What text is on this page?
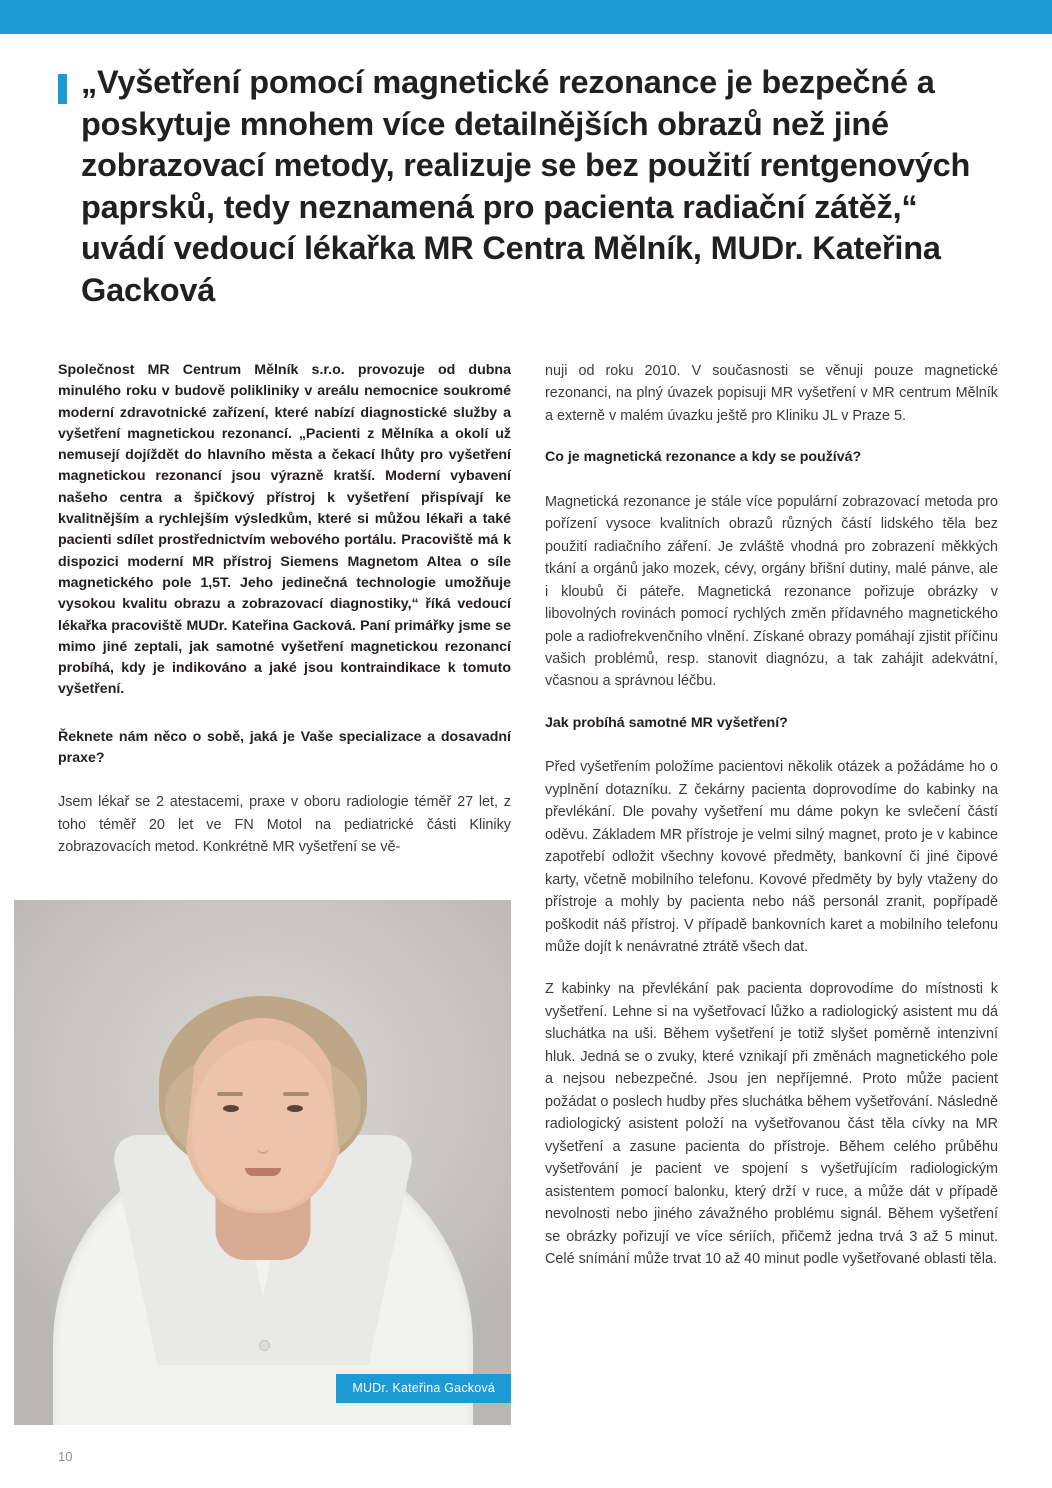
„Vyšetření pomocí magnetické rezonance je bezpečné a poskytuje mnohem více detailnějších obrazů než jiné zobrazovací metody, realizuje se bez použití rentgenových paprsků, tedy neznamená pro pacienta radiační zátěž,“ uvádí vedoucí lékařka MR Centra Mělník, MUDr. Kateřina Gacková

Společnost MR Centrum Mělník s.r.o. provozuje od dubna minulého roku v budově polikliniky v areálu nemocnice soukromé moderní zdravotnické zařízení, které nabízí diagnostické služby a vyšetření magnetickou rezonancí. „Pacienti z Mělníka a okolí už nemusejí dojíždět do hlavního města a čekací lhůty pro vyšetření magnetickou rezonancí jsou výrazně kratší. Moderní vybavení našeho centra a špičkový přístroj k vyšetření přispívají ke kvalitnějším a rychlejším výsledkům, které si můžou lékaři a také pacienti sdílet prostřednictvím webového portálu. Pracoviště má k dispozici moderní MR přístroj Siemens Magnetom Altea o síle magnetického pole 1,5T. Jeho jedinečná technologie umožňuje vysokou kvalitu obrazu a zobrazovací diagnostiky,“ říká vedoucí lékařka pracoviště MUDr. Kateřina Gacková. Paní primářky jsme se mimo jiné zeptali, jak samotné vyšetření magnetickou rezonancí probíhá, kdy je indikováno a jaké jsou kontraindikace k tomuto vyšetření.

Řeknete nám něco o sobě, jaká je Vaše specializace a dosavadní praxe?

Jsem lékař se 2 atestacemi, praxe v oboru radiologie téměř 27 let, z toho téměř 20 let ve FN Motol na pediatrické části Kliniky zobrazovacích metod. Konkrétně MR vyšetření se vě-

nuji od roku 2010. V současnosti se věnuji pouze magnetické rezonanci, na plný úvazek popisuji MR vyšetření v MR centrum Mělník a externě v malém úvazku ještě pro Kliniku JL v Praze 5.

Co je magnetická rezonance a kdy se používá?

Magnetická rezonance je stále více populární zobrazovací metoda pro pořízení vysoce kvalitních obrazů různých částí lidského těla bez použití radiačního záření. Je zvláště vhodná pro zobrazení měkkých tkání a orgánů jako mozek, cévy, orgány břišní dutiny, malé pánve, ale i kloubů či páteře. Magnetická rezonance pořizuje obrázky v libovolných rovinách pomocí rychlých změn přídavného magnetického pole a radiofrekvenčního vlnění. Získané obrazy pomáhají zjistit příčinu vašich problémů, resp. stanovit diagnózu, a tak zahájit adekvátní, včasnou a správnou léčbu.

Jak probíhá samotné MR vyšetření?

Před vyšetřením položíme pacientovi několik otázek a požádáme ho o vyplnění dotazníku. Z čekárny pacienta doprovodíme do kabinky na převlékání. Dle povahy vyšetření mu dáme pokyn ke svlečení částí oděvu. Základem MR přístroje je velmi silný magnet, proto je v kabince zapotřebí odložit všechny kovové předměty, bankovní či jiné čipové karty, včetně mobilního telefonu. Kovové předměty by byly vtaženy do přístroje a mohly by pacienta nebo náš personál zranit, popřípadě poškodit náš přístroj. V případě bankovních karet a mobilního telefonu může dojít k nenávratné ztrátě všech dat.

Z kabinky na převlékání pak pacienta doprovodíme do místnosti k vyšetření. Lehne si na vyšetřovací lůžko a radiologický asistent mu dá sluchátka na uši. Během vyšetření je totiž slyšet poměrně intenzivní hluk. Jedná se o zvuky, které vznikají při změnách magnetického pole a nejsou nebezpečné. Jsou jen nepříjemné. Proto může pacient požádat o poslech hudby přes sluchátka během vyšetřování. Následně radiologický asistent položí na vyšetřovanou část těla cívky na MR vyšetření a zasune pacienta do přístroje. Během celého průběhu vyšetřování je pacient ve spojení s vyšetřujícím radiologickým asistentem pomocí balonku, který drží v ruce, a může dát v případě nevolnosti nebo jiného závažného problému signál. Během vyšetření se obrázky pořizují ve více sériích, přičemž jedna trvá 3 až 5 minut. Celé snímání může trvat 10 až 40 minut podle vyšetřované oblasti těla.

MUDr. Kateřina Gacková
10
